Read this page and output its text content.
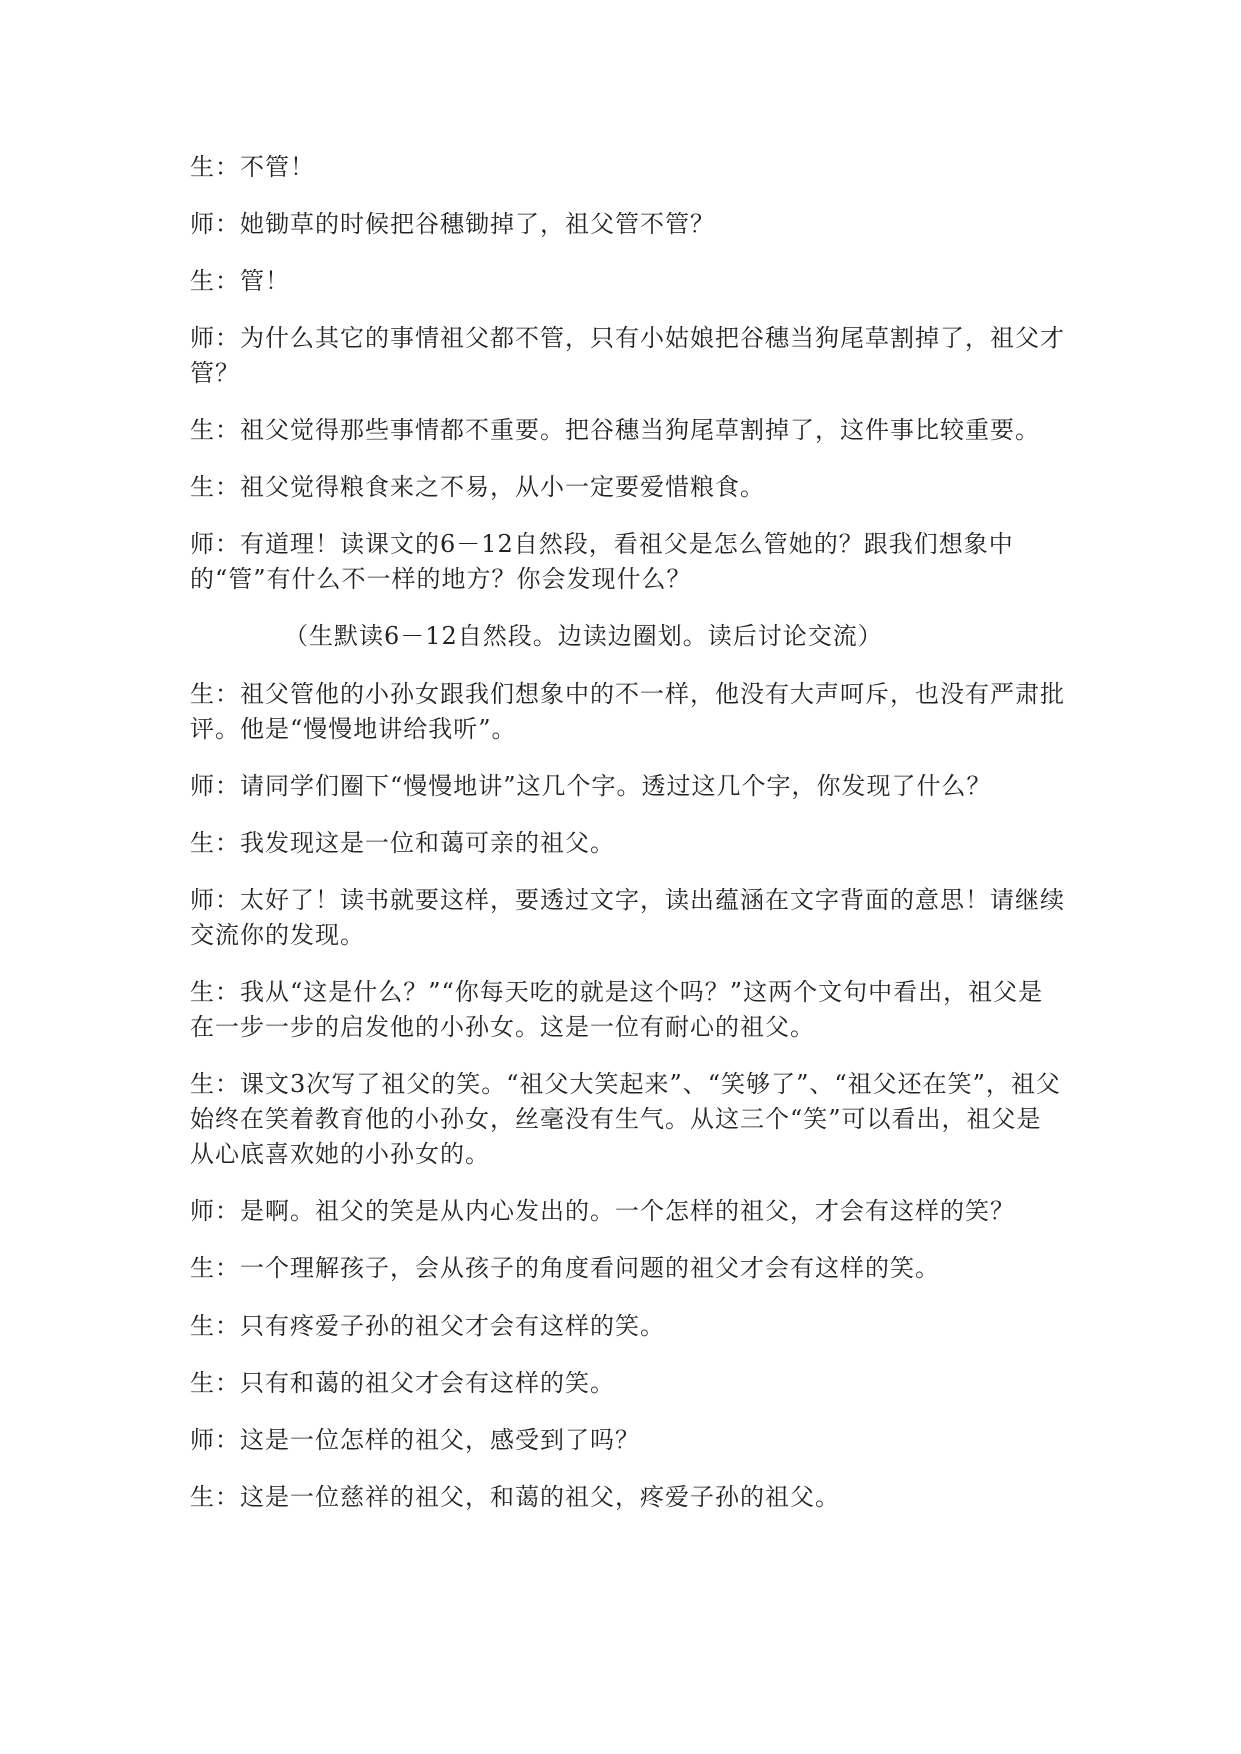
生：不管！

师：她锄草的时候把谷穗锄掉了，祖父管不管？

生：管！

师：为什么其它的事情祖父都不管，只有小姑娘把谷穗当狗尾草割掉了，祖父才管？

生：祖父觉得那些事情都不重要。把谷穗当狗尾草割掉了，这件事比较重要。

生：祖父觉得粮食来之不易，从小一定要爱惜粮食。

师：有道理！读课文的6－12自然段，看祖父是怎么管她的？跟我们想象中的“管”有什么不一样的地方？你会发现什么？

（生默读6－12自然段。边读边圈划。读后讨论交流）

生：祖父管他的小孙女跟我们想象中的不一样，他没有大声呵斥，也没有严肃批评。他是“慢慢地讲给我听”。

师：请同学们圈下“慢慢地讲”这几个字。透过这几个字，你发现了什么？

生：我发现这是一位和蔼可亲的祖父。

师：太好了！读书就要这样，要透过文字，读出蕴涵在文字背面的意思！请继续交流你的发现。

生：我从“这是什么？”“你每天吃的就是这个吗？”这两个文句中看出，祖父是在一步一步的启发他的小孙女。这是一位有耐心的祖父。

生：课文3次写了祖父的笑。“祖父大笑起来”、“笑够了”、“祖父还在笑”，祖父始终在笑着教育他的小孙女，丝毫没有生气。从这三个“笑”可以看出，祖父是从心底喜欢她的小孙女的。

师：是啊。祖父的笑是从内心发出的。一个怎样的祖父，才会有这样的笑？

生：一个理解孩子，会从孩子的角度看问题的祖父才会有这样的笑。

生：只有疼爱子孙的祖父才会有这样的笑。

生：只有和蔼的祖父才会有这样的笑。

师：这是一位怎样的祖父，感受到了吗？

生：这是一位慈祥的祖父，和蔼的祖父，疼爱子孙的祖父。
